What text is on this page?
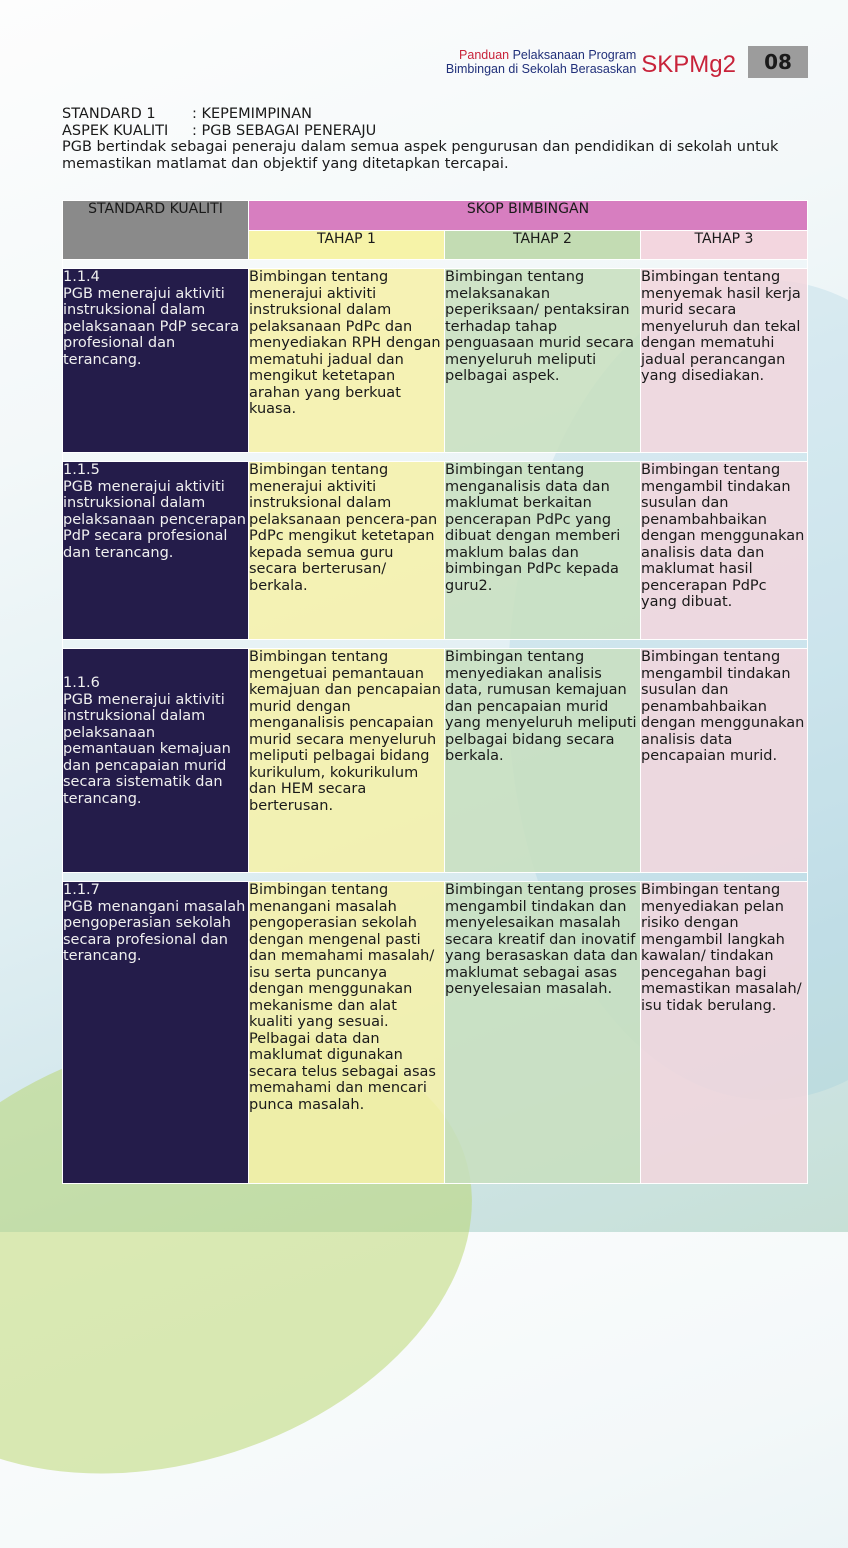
Panduan Pelaksanaan Program
Bimbingan di Sekolah Berasaskan SKPMg2	08
STANDARD 1	: KEPEMIMPINAN
ASPEK KUALITI	: PGB SEBAGAI PENERAJU
PGB bertindak sebagai peneraju dalam semua aspek pengurusan dan pendidikan di sekolah untuk memastikan matlamat dan objektif yang ditetapkan tercapai.
STANDARD KUALITI	SKOP BIMBINGAN		
	TAHAP 1	TAHAP 2	TAHAP 3

1.1.4
PGB menerajui aktiviti instruksional dalam pelaksanaan PdP secara profesional dan terancang.	Bimbingan tentang menerajui aktiviti instruksional dalam pelaksanaan PdPc dan menyediakan RPH dengan mematuhi jadual dan mengikut ketetapan arahan yang berkuat kuasa.	Bimbingan tentang melaksanakan peperiksaan/ pentaksiran terhadap tahap penguasaan murid secara menyeluruh meliputi pelbagai aspek.	Bimbingan tentang menyemak hasil kerja murid secara menyeluruh dan tekal dengan mematuhi jadual perancangan yang disediakan.

1.1.5
PGB menerajui aktiviti instruksional dalam pelaksanaan pencerapan PdP secara profesional dan terancang.	Bimbingan tentang menerajui aktiviti instruksional dalam pelaksanaan pencera-pan PdPc mengikut ketetapan kepada semua guru secara berterusan/ berkala.	Bimbingan tentang menganalisis data dan maklumat berkaitan pencerapan PdPc yang dibuat dengan memberi maklum balas dan bimbingan PdPc kepada guru2.	Bimbingan tentang mengambil tindakan susulan dan penambahbaikan dengan menggunakan analisis data dan maklumat hasil pencerapan PdPc yang dibuat.

1.1.6
PGB menerajui aktiviti instruksional dalam pelaksanaan pemantauan kemajuan dan pencapaian murid secara sistematik dan terancang.	Bimbingan tentang mengetuai pemantauan kemajuan dan pencapaian murid dengan menganalisis pencapaian murid secara menyeluruh meliputi pelbagai bidang kurikulum, kokurikulum dan HEM secara berterusan.	Bimbingan tentang menyediakan analisis data, rumusan kemajuan dan pencapaian murid yang menyeluruh meliputi pelbagai bidang secara berkala.	Bimbingan tentang mengambil tindakan susulan dan penambahbaikan dengan menggunakan analisis data pencapaian murid.

1.1.7
PGB menangani masalah pengoperasian sekolah secara profesional dan terancang.	Bimbingan tentang menangani masalah pengoperasian sekolah dengan mengenal pasti dan memahami masalah/ isu serta puncanya dengan menggunakan mekanisme dan alat kualiti yang sesuai. Pelbagai data dan maklumat digunakan secara telus sebagai asas memahami dan mencari punca masalah.	Bimbingan tentang proses mengambil tindakan dan menyelesaikan masalah secara kreatif dan inovatif yang berasaskan data dan maklumat sebagai asas penyelesaian masalah.	Bimbingan tentang menyediakan pelan risiko dengan mengambil langkah kawalan/ tindakan pencegahan bagi memastikan masalah/ isu tidak berulang.
